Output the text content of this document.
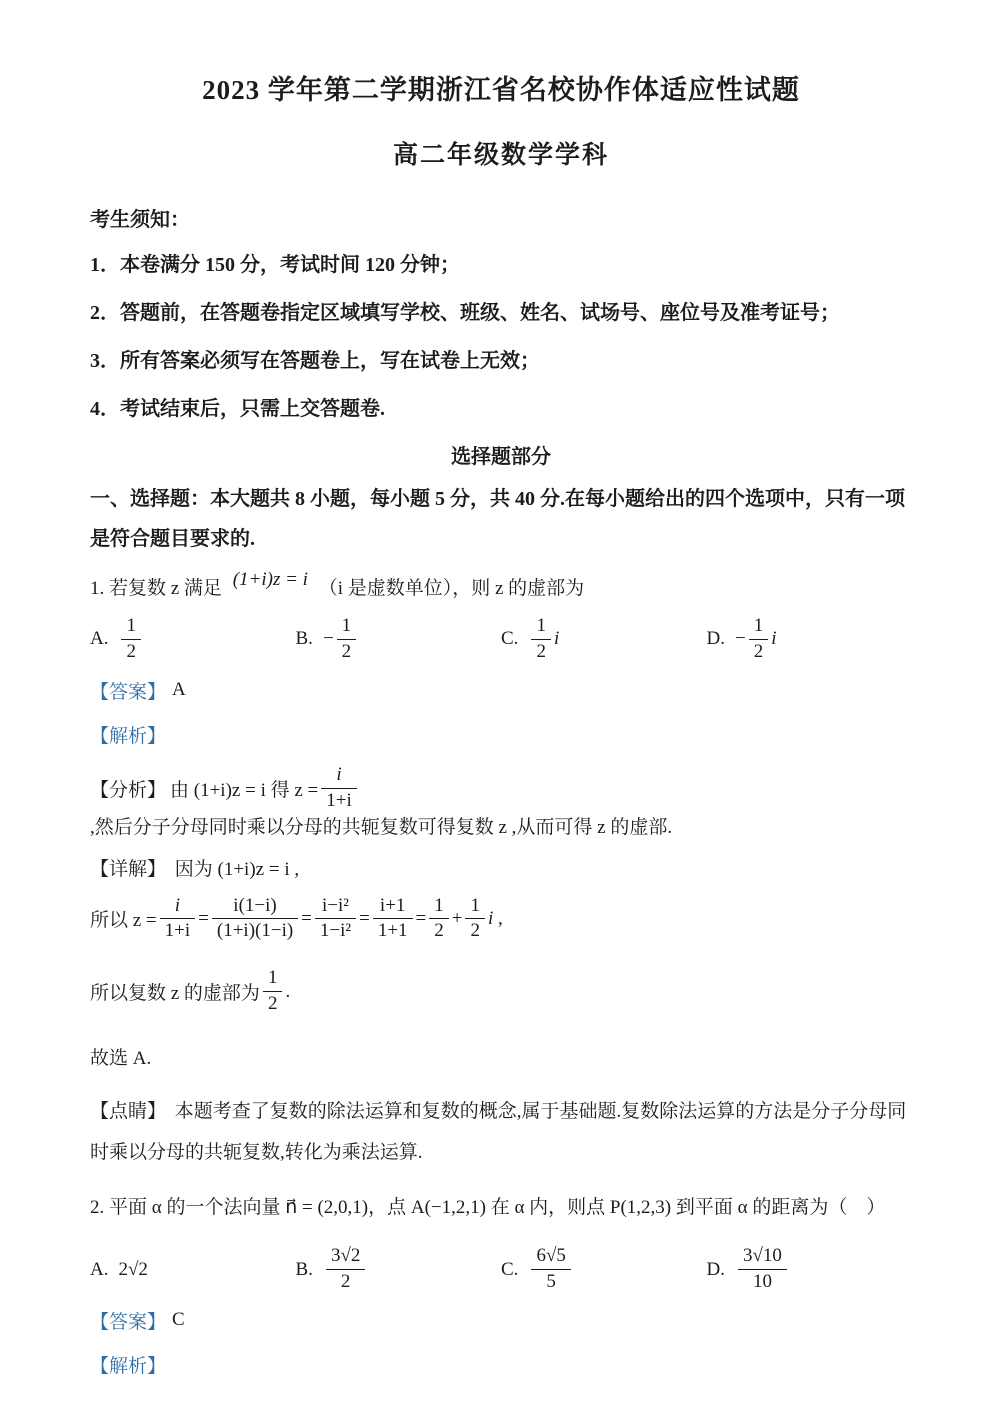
2023 学年第二学期浙江省名校协作体适应性试题
高二年级数学学科

考生须知：

1．本卷满分 150 分，考试时间 120 分钟；

2．答题前，在答题卷指定区域填写学校、班级、姓名、试场号、座位号及准考证号；

3．所有答案必须写在答题卷上，写在试卷上无效；

4．考试结束后，只需上交答题卷.

选择题部分

一、选择题：本大题共 8 小题，每小题 5 分，共 40 分.在每小题给出的四个选项中，只有一项是符合题目要求的.

1. 若复数 z 满足 (1+i)z = i （i 是虚数单位），则 z 的虚部为
A. $\frac{1}{2}$	B. − $\frac{1}{2}$	C. $\frac{1}{2}$ i	D. − $\frac{1}{2}$ i
【答案】 A
【解析】
【分析】 由 (1+i)z = i 得 $z = \frac{i}{1+i}$
,然后分子分母同时乘以分母的共轭复数可得复数 z ,从而可得 z 的虚部.
【详解】 因为 (1+i)z = i ,
所以 $z = \frac{i}{1+i} = \frac{i(1-i)}{(1+i)(1-i)} = \frac{\text{i−i²}}{\text{1−i²}} = \frac{i+1}{1+1} = \frac{1}{2} + \frac{1}{2}$ i ,
所以复数 z 的虚部为 $\frac{1}{2}$ .
故选 A.
【点睛】 本题考查了复数的除法运算和复数的概念,属于基础题.复数除法运算的方法是分子分母同时乘以分母的共轭复数,转化为乘法运算.
2. 平面 α 的一个法向量 n⃗ = (2,0,1)，点 A(−1,2,1) 在 α 内，则点 P(1,2,3) 到平面 α 的距离为（　）
A. 2√2	B. $\frac{3√2}{2}$	C. $\frac{6√5}{5}$	D. $\frac{3√10}{10}$
【答案】 C
【解析】
